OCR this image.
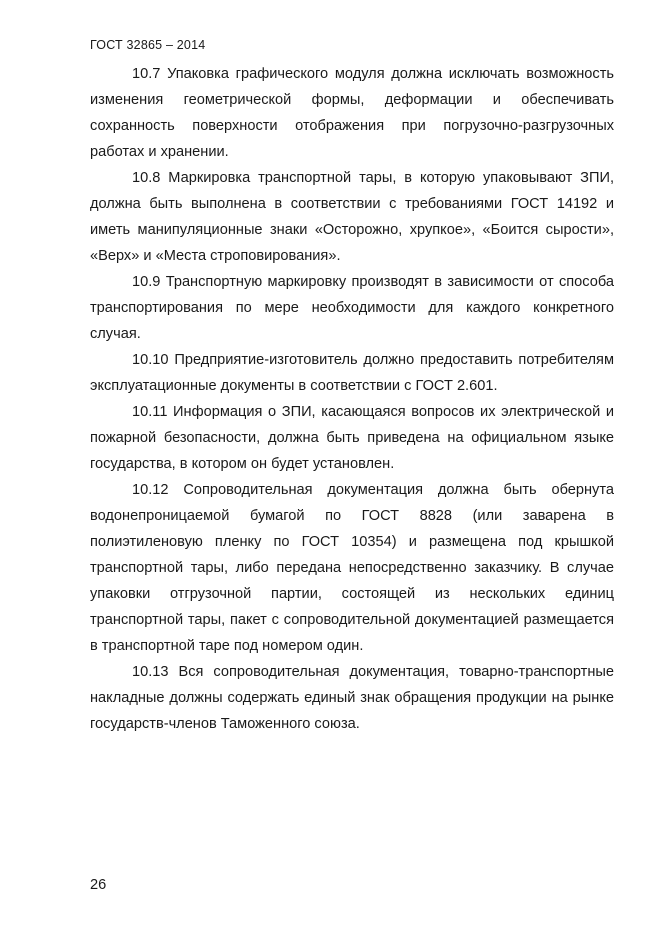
ГОСТ 32865 – 2014

10.7 Упаковка графического модуля должна исключать возможность изменения геометрической формы, деформации и обеспечивать сохранность поверхности отображения при погрузочно-разгрузочных работах и хранении.

10.8 Маркировка транспортной тары, в которую упаковывают ЗПИ, должна быть выполнена в соответствии с требованиями ГОСТ 14192 и иметь манипуляционные знаки «Осторожно, хрупкое», «Боится сырости», «Верх» и «Места строповирования».

10.9 Транспортную маркировку производят в зависимости от способа транспортирования по мере необходимости для каждого конкретного случая.

10.10 Предприятие-изготовитель должно предоставить потребителям эксплуатационные документы в соответствии с ГОСТ 2.601.

10.11 Информация о ЗПИ, касающаяся вопросов их электрической и пожарной безопасности, должна быть приведена на официальном языке государства, в котором он будет установлен.

10.12 Сопроводительная документация должна быть обернута водонепроницаемой бумагой по ГОСТ 8828 (или заварена в полиэтиленовую пленку по ГОСТ 10354) и размещена под крышкой транспортной тары, либо передана непосредственно заказчику. В случае упаковки отгрузочной партии, состоящей из нескольких единиц транспортной тары, пакет с сопроводительной документацией размещается в транспортной таре под номером один.

10.13 Вся сопроводительная документация, товарно-транспортные накладные должны содержать единый знак обращения продукции на рынке государств-членов Таможенного союза.

26
